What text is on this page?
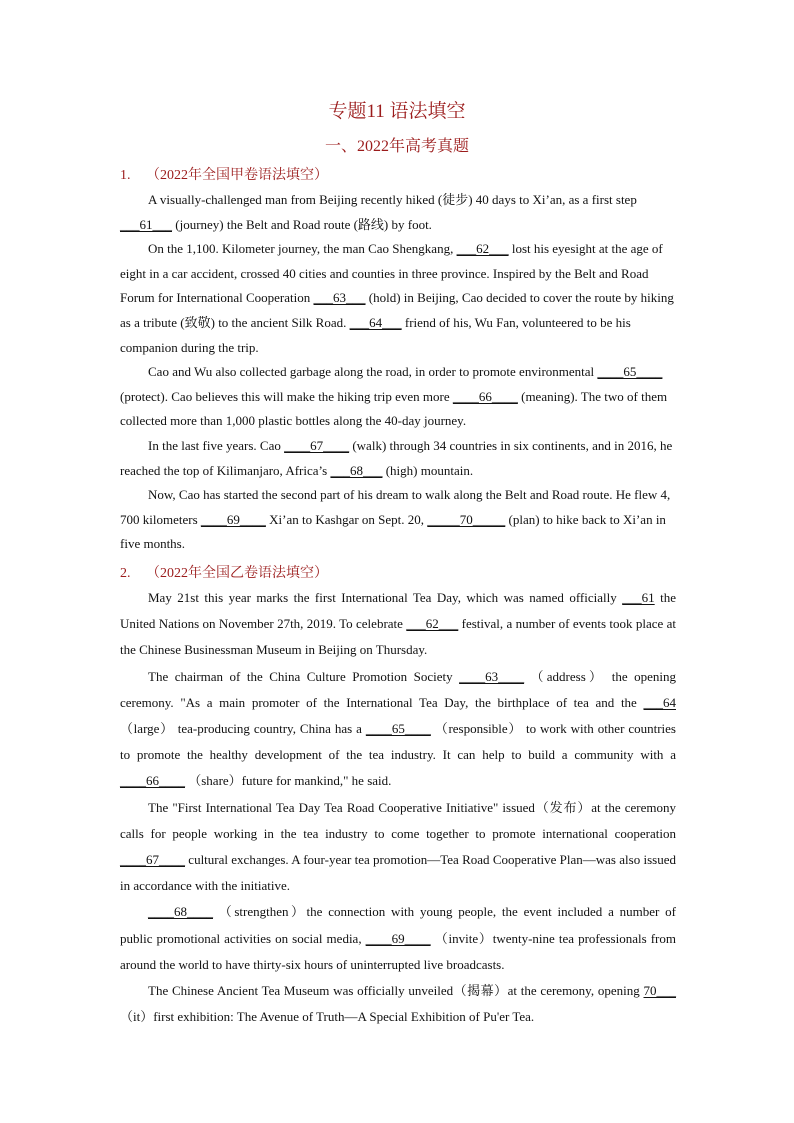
专题11 语法填空
一、2022年高考真题

1. （2022年全国甲卷语法填空）

A visually-challenged man from Beijing recently hiked (徒步) 40 days to Xi’an, as a first step ___61___ (journey) the Belt and Road route (路线) by foot.

On the 1,100. Kilometer journey, the man Cao Shengkang, ___62___ lost his eyesight at the age of eight in a car accident, crossed 40 cities and counties in three province. Inspired by the Belt and Road Forum for International Cooperation ___63___ (hold) in Beijing, Cao decided to cover the route by hiking as a tribute (致敬) to the ancient Silk Road. ___64___ friend of his, Wu Fan, volunteered to be his companion during the trip.

Cao and Wu also collected garbage along the road, in order to promote environmental ____65____ (protect). Cao believes this will make the hiking trip even more ____66____ (meaning). The two of them collected more than 1,000 plastic bottles along the 40-day journey.

In the last five years. Cao ____67____ (walk) through 34 countries in six continents, and in 2016, he reached the top of Kilimanjaro, Africa’s ___68___ (high) mountain.

Now, Cao has started the second part of his dream to walk along the Belt and Road route. He flew 4, 700 kilometers ____69____ Xi’an to Kashgar on Sept. 20, _____70_____ (plan) to hike back to Xi’an in five months.

2. （2022年全国乙卷语法填空）

May 21st this year marks the first International Tea Day, which was named officially ___61 the United Nations on November 27th, 2019. To celebrate ___62___ festival, a number of events took place at the Chinese Businessman Museum in Beijing on Thursday.

The chairman of the China Culture Promotion Society ____63____ （address） the opening ceremony. "As a main promoter of the International Tea Day, the birthplace of tea and the ___64 （large） tea-producing country, China has a ____65____ （responsible） to work with other countries to promote the healthy development of the tea industry. It can help to build a community with a ____66____ （share）future for mankind," he said.

The "First International Tea Day Tea Road Cooperative Initiative" issued（发布）at the ceremony calls for people working in the tea industry to come together to promote international cooperation ____67____ cultural exchanges. A four-year tea promotion—Tea Road Cooperative Plan—was also issued in accordance with the initiative.

____68____ （strengthen）the connection with young people, the event included a number of public promotional activities on social media, ____69____ （invite）twenty-nine tea professionals from around the world to have thirty-six hours of uninterrupted live broadcasts.

The Chinese Ancient Tea Museum was officially unveiled（揭幕）at the ceremony, opening 70___ （it）first exhibition: The Avenue of Truth—A Special Exhibition of Pu'er Tea.
